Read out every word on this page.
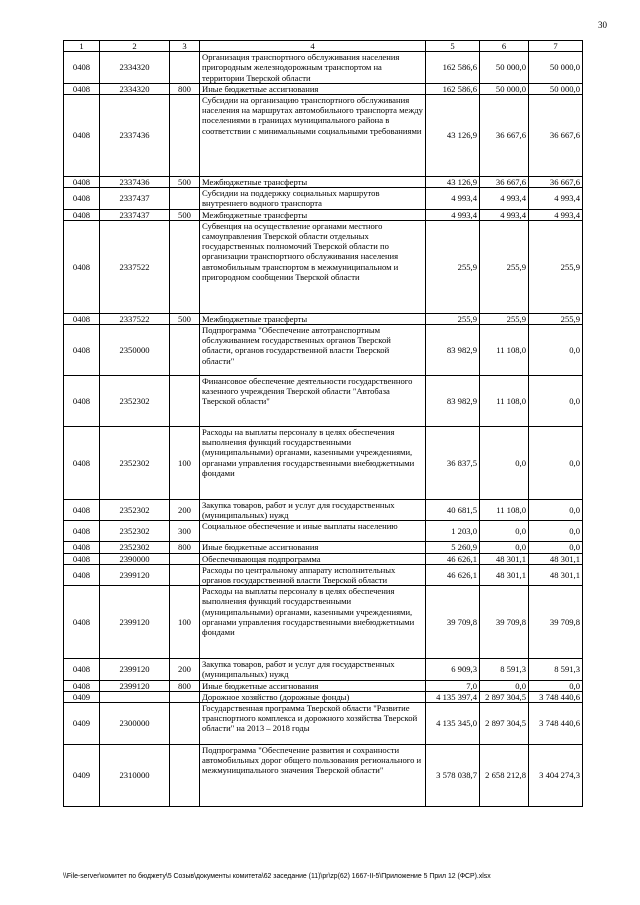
30
1	2	3	4	5	6	7
0408	2334320		Организация транспортного обслуживания населения пригородным железнодорожным транспортом на территории Тверской области	162 586,6	50 000,0	50 000,0
0408	2334320	800	Иные бюджетные ассигнования	162 586,6	50 000,0	50 000,0
0408	2337436		Субсидии на организацию транспортного обслуживания населения на маршрутах автомобильного транспорта между поселениями в границах муниципального района в соответствии с минимальными социальными требованиями	43 126,9	36 667,6	36 667,6
0408	2337436	500	Межбюджетные трансферты	43 126,9	36 667,6	36 667,6
0408	2337437		Субсидии на поддержку социальных маршрутов внутреннего водного транспорта	4 993,4	4 993,4	4 993,4
0408	2337437	500	Межбюджетные трансферты	4 993,4	4 993,4	4 993,4
0408	2337522		Субвенция на осуществление органами местного самоуправления Тверской области отдельных государственных полномочий Тверской области по организации транспортного обслуживания населения автомобильным транспортом в межмуниципальном и пригородном сообщении Тверской области	255,9	255,9	255,9
0408	2337522	500	Межбюджетные трансферты	255,9	255,9	255,9
0408	2350000		Подпрограмма "Обеспечение автотранспортным обслуживанием государственных органов Тверской области, органов государственной власти Тверской области"	83 982,9	11 108,0	0,0
0408	2352302		Финансовое обеспечение деятельности государственного казенного учреждения Тверской области "Автобаза Тверской области"	83 982,9	11 108,0	0,0
0408	2352302	100	Расходы на выплаты персоналу в целях обеспечения выполнения функций государственными (муниципальными) органами, казенными учреждениями, органами управления государственными внебюджетными фондами	36 837,5	0,0	0,0
0408	2352302	200	Закупка товаров, работ и услуг для государственных (муниципальных) нужд	40 681,5	11 108,0	0,0
0408	2352302	300	Социальное обеспечение и иные выплаты населению	1 203,0	0,0	0,0
0408	2352302	800	Иные бюджетные ассигнования	5 260,9	0,0	0,0
0408	2390000		Обеспечивающая подпрограмма	46 626,1	48 301,1	48 301,1
0408	2399120		Расходы по центральному аппарату исполнительных органов государственной власти Тверской области	46 626,1	48 301,1	48 301,1
0408	2399120	100	Расходы на выплаты персоналу в целях обеспечения выполнения функций государственными (муниципальными) органами, казенными учреждениями, органами управления государственными внебюджетными фондами	39 709,8	39 709,8	39 709,8
0408	2399120	200	Закупка товаров, работ и услуг для государственных (муниципальных) нужд	6 909,3	8 591,3	8 591,3
0408	2399120	800	Иные бюджетные ассигнования	7,0	0,0	0,0
0409			Дорожное хозяйство (дорожные фонды)	4 135 397,4	2 897 304,5	3 748 440,6
0409	2300000		Государственная программа Тверской области "Развитие транспортного комплекса и дорожного хозяйства Тверской области" на 2013 – 2018 годы	4 135 345,0	2 897 304,5	3 748 440,6
0409	2310000		Подпрограмма "Обеспечение развития и сохранности автомобильных дорог общего пользования регионального и межмуниципального значения Тверской области"	3 578 038,7	2 658 212,8	3 404 274,3
\\File-server\комитет по бюджету\5 Созыв\документы комитета\62 заседание (11)\pr\zp(62) 1667-II-5\Приложение 5 Прил 12 (ФСР).xlsx
